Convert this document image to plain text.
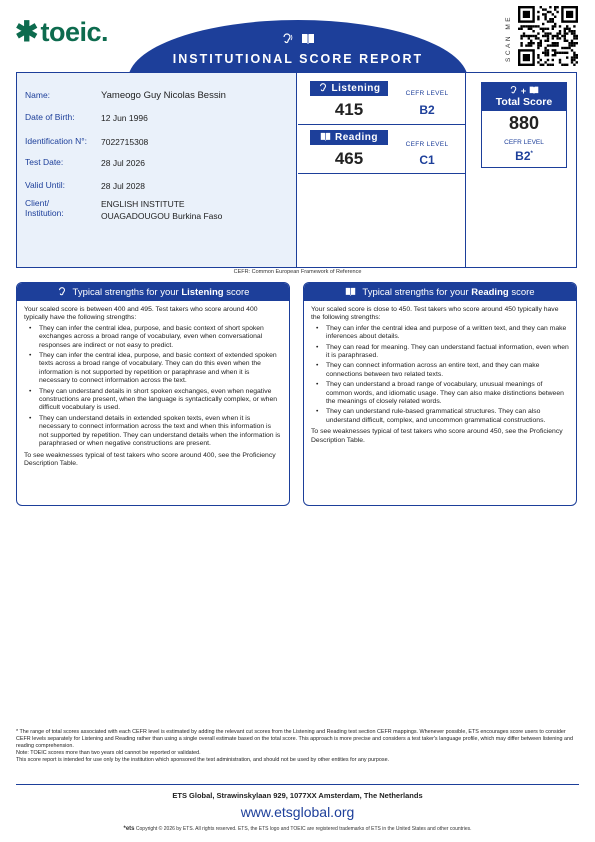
✱ toeic.
INSTITUTIONAL SCORE REPORT	SCAN ME
Name:	Yameogo Guy Nicolas Bessin
Date of Birth:	12 Jun 1996
Identification N°: 7022715308
Test Date:	28 Jul 2026
Valid Until:	28 Jul 2028
Client/
Institution:
ENGLISH INSTITUTE
OUAGADOUGOU Burkina Faso
Listening
415
CEFR LEVEL
B2
Reading
465
CEFR LEVEL
C1
+
Total Score
880
CEFR LEVEL
B2*
CEFR: Common European Framework of Reference
Typical strengths for your Listening score
Your scaled score is between 400 and 495. Test takers who score around 400 typically have the following strengths:
• They can infer the central idea, purpose, and basic context of short spoken exchanges across a broad range of vocabulary, even when conversational responses are indirect or not easy to predict.
• They can infer the central idea, purpose, and basic context of extended spoken texts across a broad range of vocabulary. They can do this even when the information is not supported by repetition or paraphrase and when it is necessary to connect information across the text.
• They can understand details in short spoken exchanges, even when negative constructions are present, when the language is syntactically complex, or when difficult vocabulary is used.
• They can understand details in extended spoken texts, even when it is necessary to connect information across the text and when this information is not supported by repetition. They can understand details when the information is paraphrased or when negative constructions are present.
To see weaknesses typical of test takers who score around 400, see the Proficiency Description Table.
Typical strengths for your Reading score
Your scaled score is close to 450. Test takers who score around 450 typically have the following strengths:
• They can infer the central idea and purpose of a written text, and they can make inferences about details.
• They can read for meaning. They can understand factual information, even when it is paraphrased.
• They can connect information across an entire text, and they can make connections between two related texts.
• They can understand a broad range of vocabulary, unusual meanings of common words, and idiomatic usage. They can also make distinctions between the meanings of closely related words.
• They can understand rule-based grammatical structures. They can also understand difficult, complex, and uncommon grammatical constructions.
To see weaknesses typical of test takers who score around 450, see the Proficiency Description Table.
* The range of total scores associated with each CEFR level is estimated by adding the relevant cut scores from the Listening and Reading test section CEFR mappings. Whenever possible, ETS encourages score users to consider CEFR levels separately for Listening and Reading rather than using a single overall estimate based on the total score. This approach is more precise and considers a test taker's language profile, which may differ between listening and reading comprehension.
Note: TOEIC scores more than two years old cannot be reported or validated.
This score report is intended for use only by the institution which sponsored the test administration, and should not be used by other entities for any purpose.
ETS Global, Strawinskylaan 929, 1077XX Amsterdam, The Netherlands
www.etsglobal.org
*ets Copyright © 2026 by ETS. All rights reserved. ETS, the ETS logo and TOEIC are registered trademarks of ETS in the United States and other countries.
